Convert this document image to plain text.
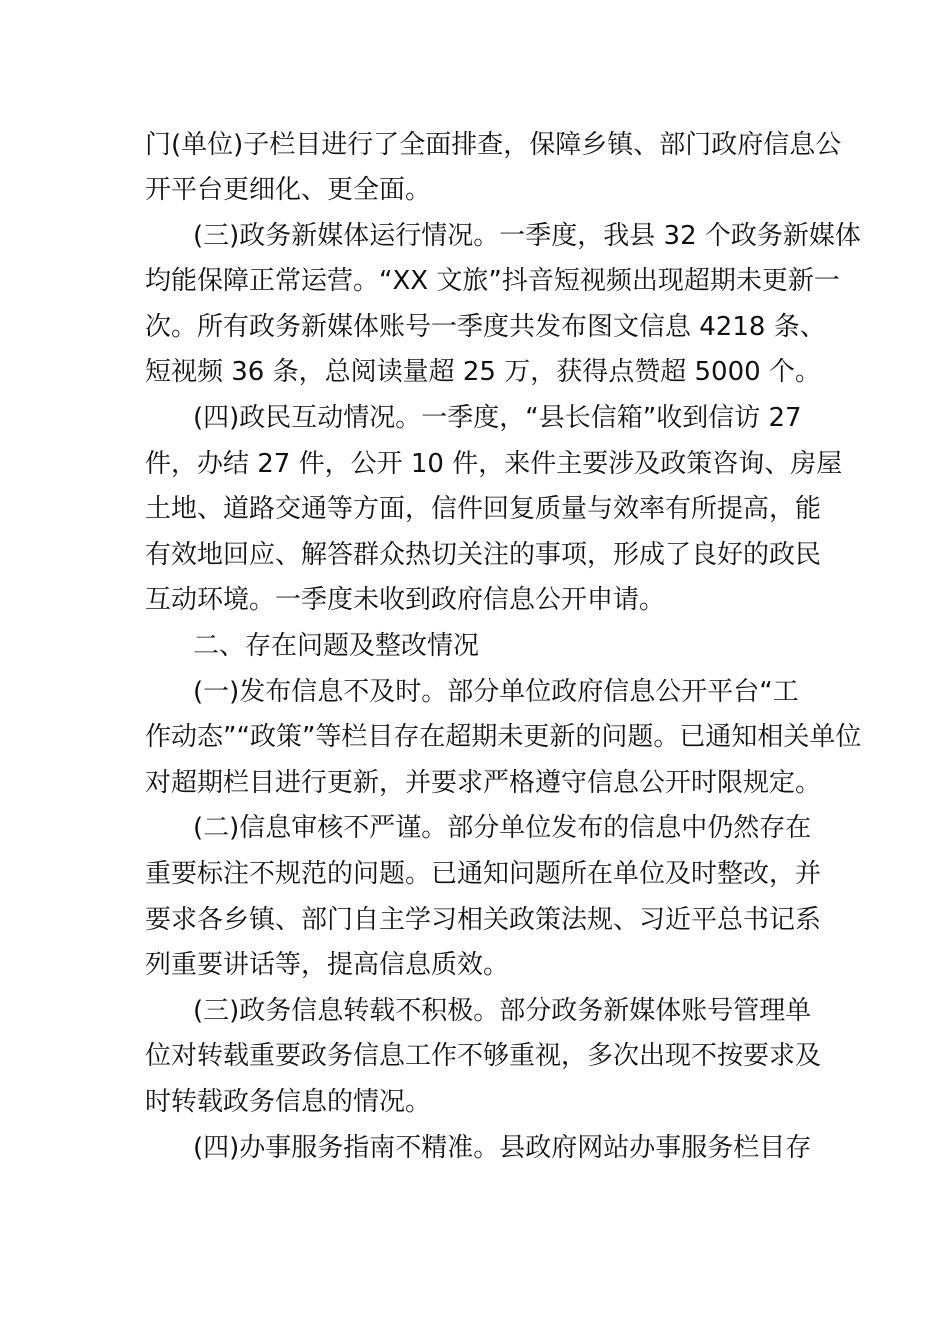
门(单位)子栏目进行了全面排查，保障乡镇、部门政府信息公
开平台更细化、更全面。
(三)政务新媒体运行情况。一季度，我县 32 个政务新媒体
均能保障正常运营。“XX 文旅”抖音短视频出现超期未更新一
次。所有政务新媒体账号一季度共发布图文信息 4218 条、
短视频 36 条，总阅读量超 25 万，获得点赞超 5000 个。
(四)政民互动情况。一季度，“县长信箱”收到信访 27
件，办结 27 件，公开 10 件，来件主要涉及政策咨询、房屋
土地、道路交通等方面，信件回复质量与效率有所提高，能
有效地回应、解答群众热切关注的事项，形成了良好的政民
互动环境。一季度未收到政府信息公开申请。
二、存在问题及整改情况
(一)发布信息不及时。部分单位政府信息公开平台“工
作动态”“政策”等栏目存在超期未更新的问题。已通知相关单位
对超期栏目进行更新，并要求严格遵守信息公开时限规定。
(二)信息审核不严谨。部分单位发布的信息中仍然存在
重要标注不规范的问题。已通知问题所在单位及时整改，并
要求各乡镇、部门自主学习相关政策法规、习近平总书记系
列重要讲话等，提高信息质效。
(三)政务信息转载不积极。部分政务新媒体账号管理单
位对转载重要政务信息工作不够重视，多次出现不按要求及
时转载政务信息的情况。
(四)办事服务指南不精准。县政府网站办事服务栏目存
